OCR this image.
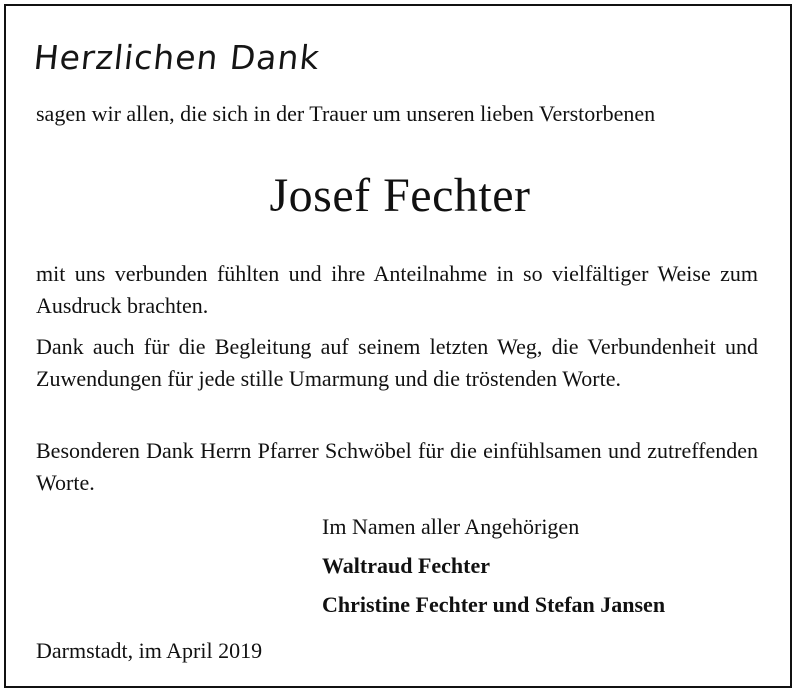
Herzlichen Dank
sagen wir allen, die sich in der Trauer um unseren lieben Verstorbenen
Josef Fechter
mit uns verbunden fühlten und ihre Anteilnahme in so vielfältiger Weise zum Ausdruck brachten.
Dank auch für die Begleitung auf seinem letzten Weg, die Verbundenheit und Zuwendungen für jede stille Umarmung und die tröstenden Worte.
Besonderen Dank Herrn Pfarrer Schwöbel für die einfühlsamen und zutreffenden Worte.
Im Namen aller Angehörigen
Waltraud Fechter
Christine Fechter und Stefan Jansen
Darmstadt, im April 2019
